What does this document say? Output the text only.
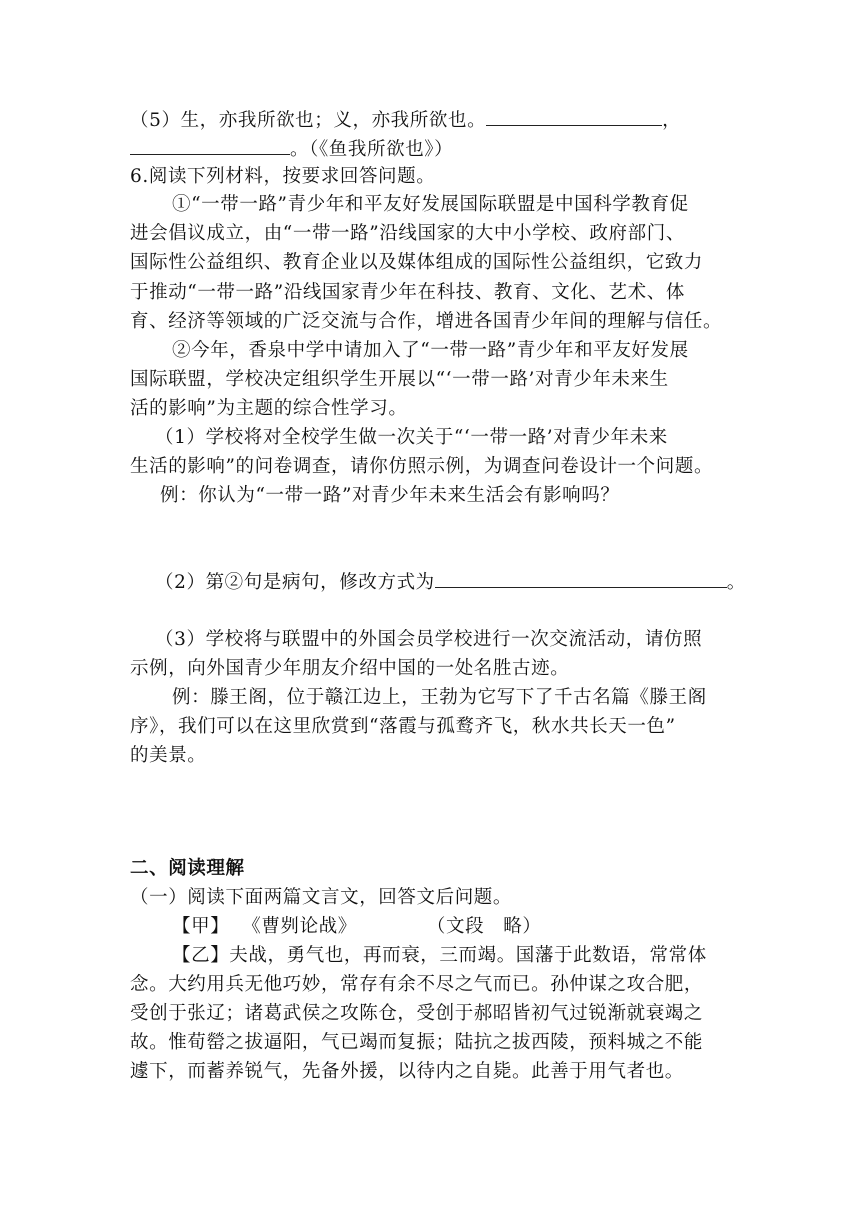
（5）生，亦我所欲也；义，亦我所欲也。	，
。（《鱼我所欲也》）
6.阅读下列材料，按要求回答问题。
①“一带一路”青少年和平友好发展国际联盟是中国科学教育促
进会倡议成立，由“一带一路”沿线国家的大中小学校、政府部门、
国际性公益组织、教育企业以及媒体组成的国际性公益组织，它致力
于推动“一带一路”沿线国家青少年在科技、教育、文化、艺术、体
育、经济等领域的广泛交流与合作，增进各国青少年间的理解与信任。
②今年，香泉中学中请加入了“一带一路”青少年和平友好发展
国际联盟，学校决定组织学生开展以“‘一带一路’对青少年未来生
活的影响”为主题的综合性学习。
（1）学校将对全校学生做一次关于“‘一带一路’对青少年未来
生活的影响”的问卷调查，请你仿照示例，为调查问卷设计一个问题。
例：你认为“一带一路”对青少年未来生活会有影响吗？
（2）第②句是病句，修改方式为	。
（3）学校将与联盟中的外国会员学校进行一次交流活动，请仿照
示例，向外国青少年朋友介绍中国的一处名胜古迹。
例：滕王阁，位于赣江边上，王勃为它写下了千古名篇《滕王阁
序》，我们可以在这里欣赏到“落霞与孤鹜齐飞，秋水共长天一色”
的美景。
二、阅读理解
（一）阅读下面两篇文言文，回答文后问题。
【甲】 《曹刿论战》	（文段　略）
【乙】夫战，勇气也，再而衰，三而竭。国藩于此数语，常常体
念。大约用兵无他巧妙，常存有余不尽之气而已。孙仲谋之攻合肥，
受创于张辽；诸葛武侯之攻陈仓，受创于郝昭皆初气过锐渐就衰竭之
故。惟荀罃之拔逼阳，气已竭而复振；陆抗之拔西陵，预料城之不能
遽下，而蓄养锐气，先备外援，以待内之自毙。此善于用气者也。
